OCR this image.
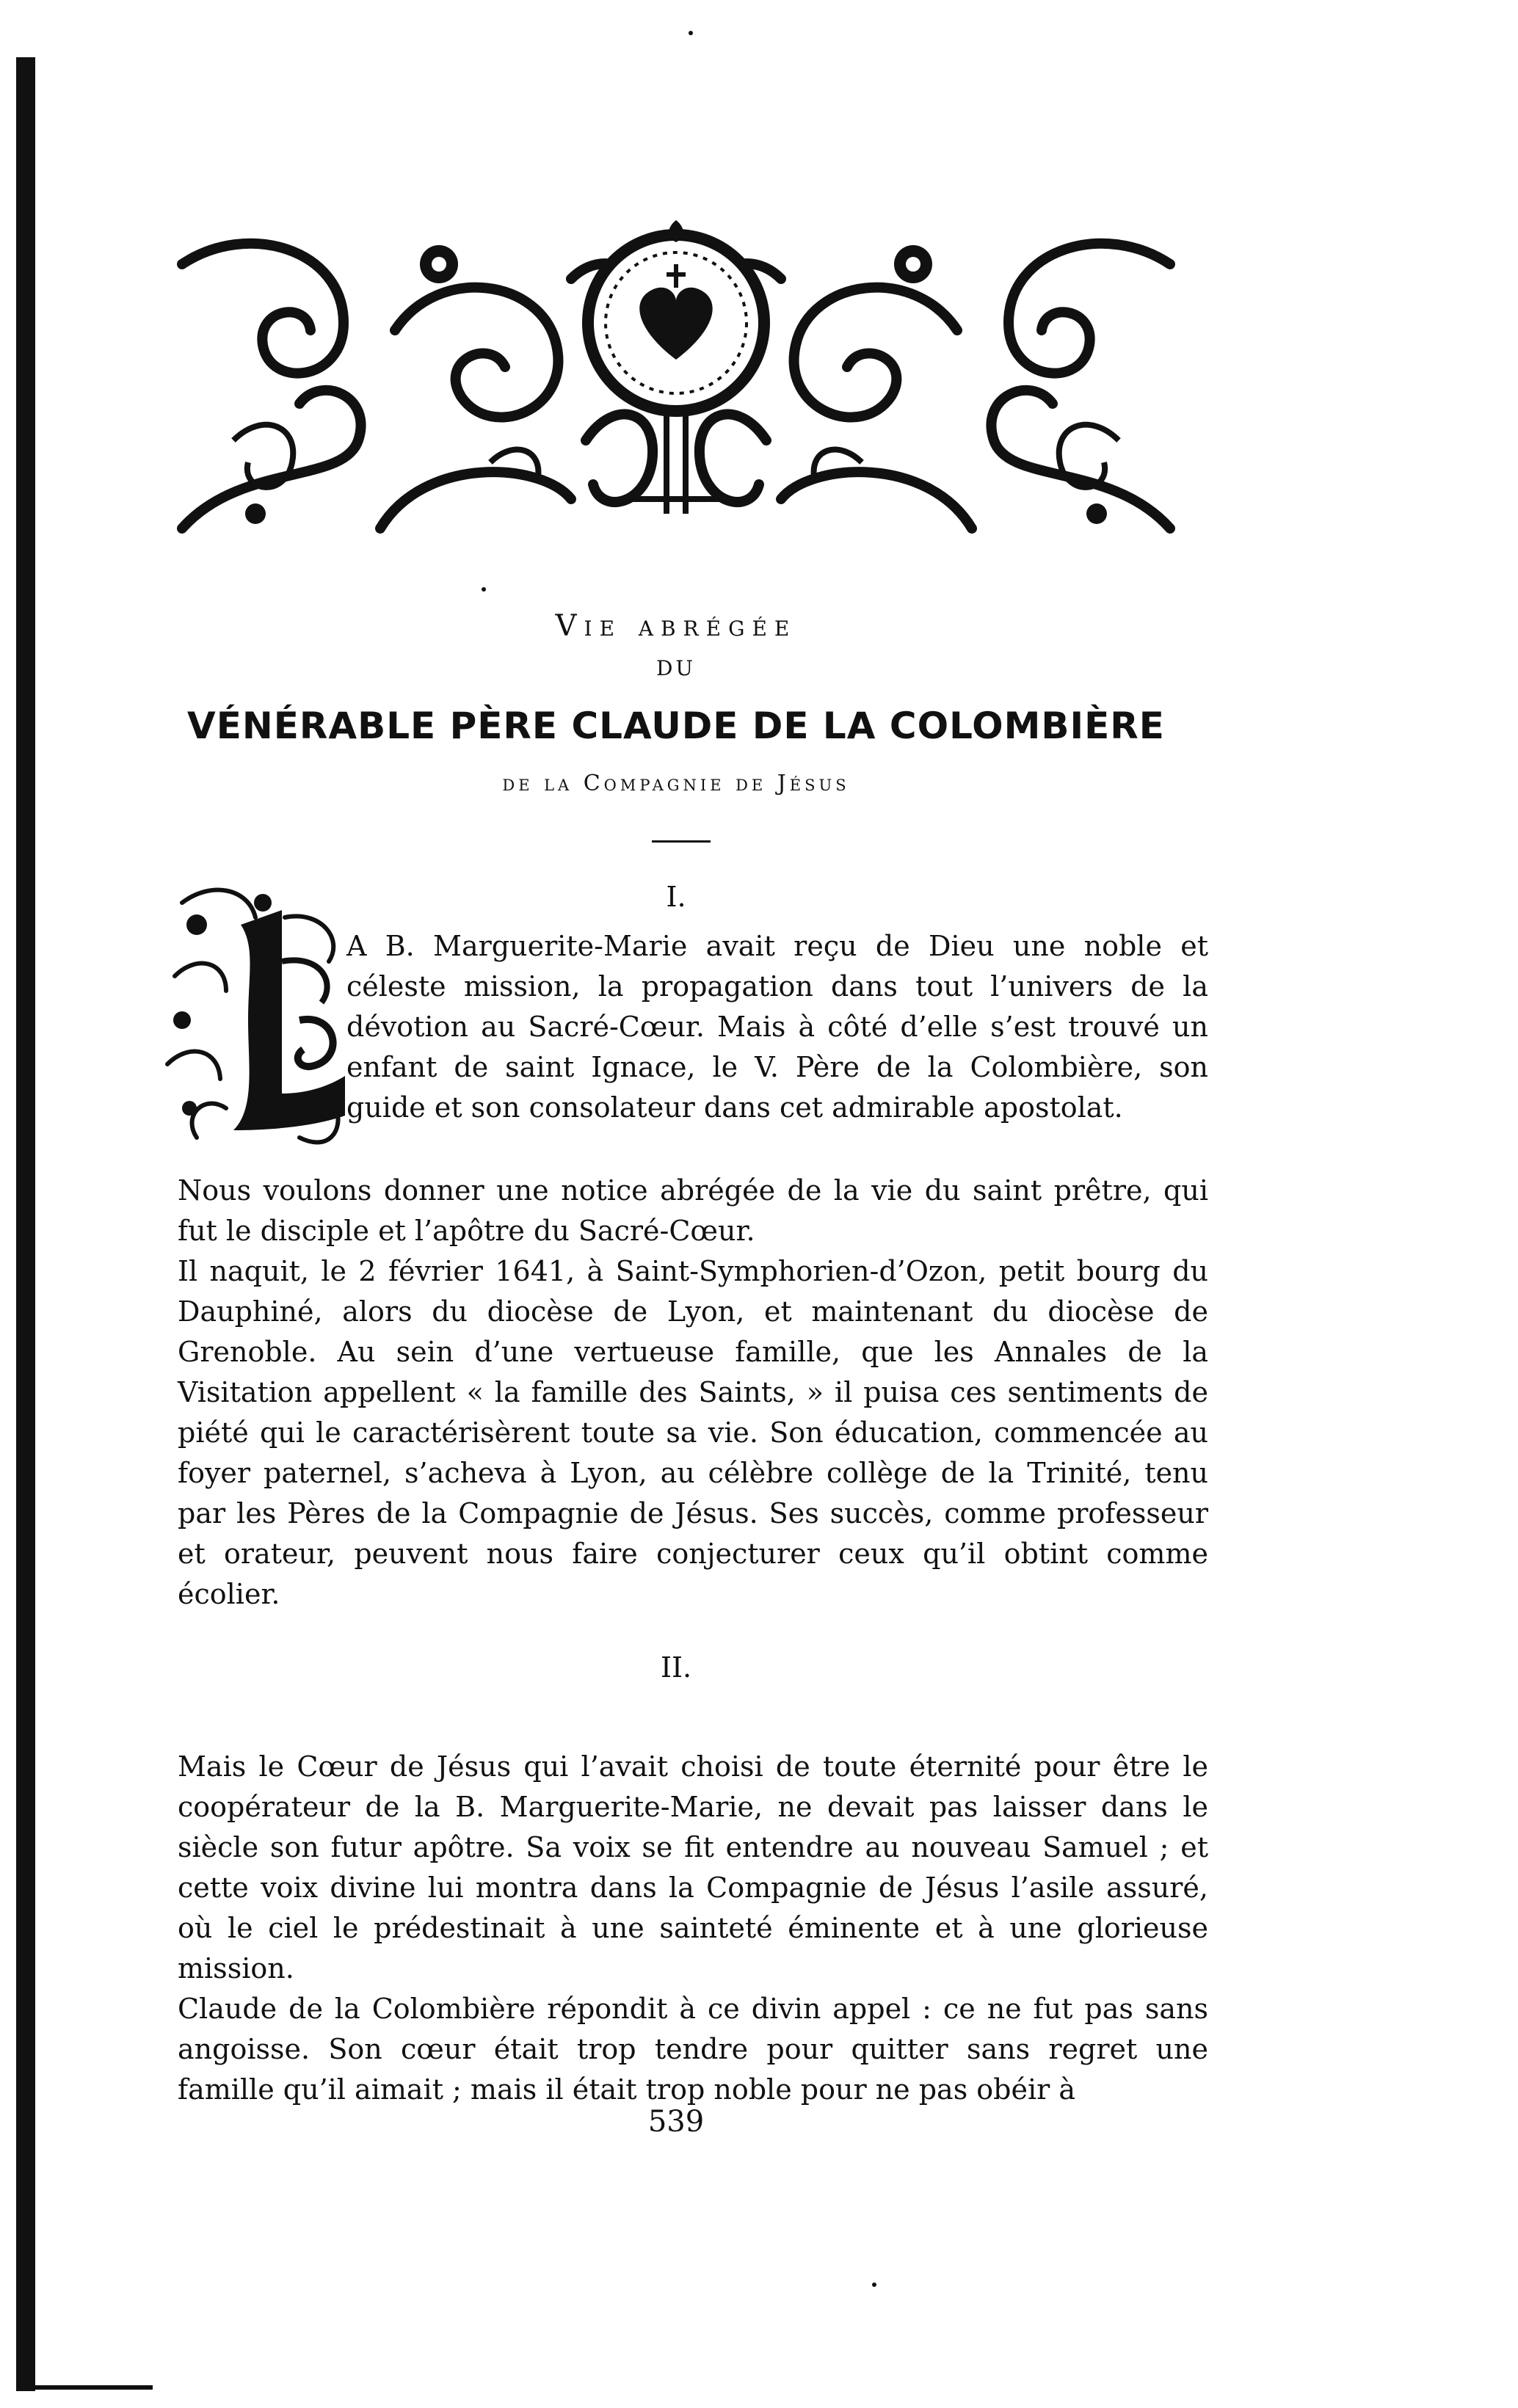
Vie abrégée
DU
VÉNÉRABLE PÈRE CLAUDE DE LA COLOMBIÈRE
de la Compagnie de Jésus
I.

A B. Marguerite-Marie avait reçu de Dieu une noble et céleste mission, la propagation dans tout l’univers de la dévotion au Sacré-Cœur. Mais à côté d’elle s’est trouvé un enfant de saint Ignace, le V. Père de la Colombière, son guide et son consolateur dans cet admirable apostolat.

Nous voulons donner une notice abrégée de la vie du saint prêtre, qui fut le disciple et l’apôtre du Sacré-Cœur.

Il naquit, le 2 février 1641, à Saint-Symphorien-d’Ozon, petit bourg du Dauphiné, alors du diocèse de Lyon, et maintenant du diocèse de Grenoble. Au sein d’une vertueuse famille, que les Annales de la Visitation appellent « la famille des Saints, » il puisa ces sentiments de piété qui le caractérisèrent toute sa vie. Son éducation, commencée au foyer paternel, s’acheva à Lyon, au célèbre collège de la Trinité, tenu par les Pères de la Compagnie de Jésus. Ses succès, comme professeur et orateur, peuvent nous faire conjecturer ceux qu’il obtint comme écolier.

II.

Mais le Cœur de Jésus qui l’avait choisi de toute éternité pour être le coopérateur de la B. Marguerite-Marie, ne devait pas laisser dans le siècle son futur apôtre. Sa voix se fit entendre au nouveau Samuel ; et cette voix divine lui montra dans la Compagnie de Jésus l’asile assuré, où le ciel le prédestinait à une sainteté éminente et à une glorieuse mission.

Claude de la Colombière répondit à ce divin appel : ce ne fut pas sans angoisse. Son cœur était trop tendre pour quitter sans regret une famille qu’il aimait ; mais il était trop noble pour ne pas obéir à

539
